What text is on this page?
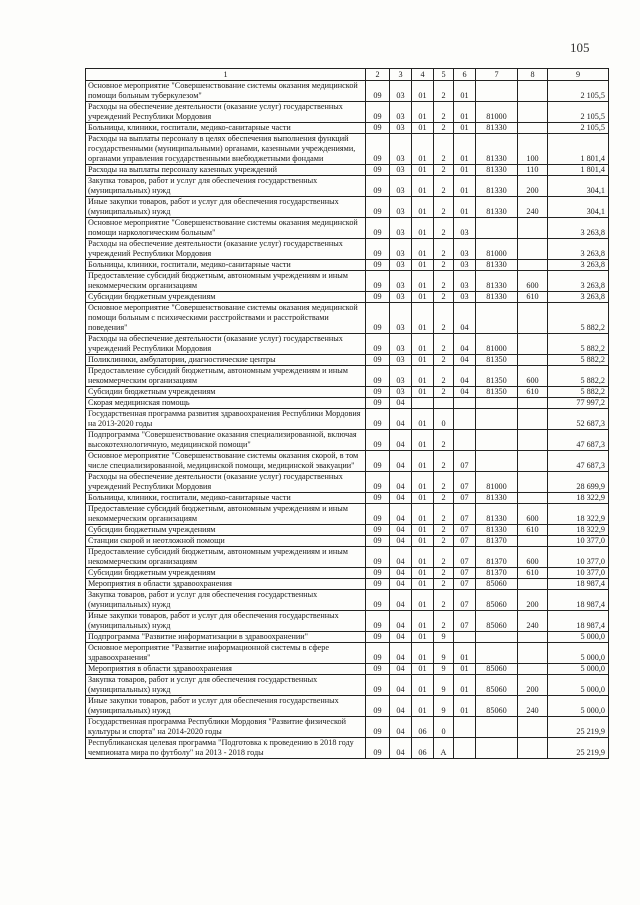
105
1	2	3	4	5	6	7	8	9
Основное мероприятие "Совершенствование системы оказания медицинской помощи больным туберкулезом"	09	03	01	2	01			2 105,5
Расходы на обеспечение деятельности (оказание услуг) государственных учреждений Республики Мордовия	09	03	01	2	01	81000		2 105,5
Больницы, клиники, госпитали, медико-санитарные части	09	03	01	2	01	81330		2 105,5
Расходы на выплаты персоналу в целях обеспечения выполнения функций государственными (муниципальными) органами, казенными учреждениями, органами управления государственными внебюджетными фондами	09	03	01	2	01	81330	100	1 801,4
Расходы на выплаты персоналу казенных учреждений	09	03	01	2	01	81330	110	1 801,4
Закупка товаров, работ и услуг для обеспечения государственных (муниципальных) нужд	09	03	01	2	01	81330	200	304,1
Иные закупки товаров, работ и услуг для обеспечения государственных (муниципальных) нужд	09	03	01	2	01	81330	240	304,1
Основное мероприятие "Совершенствование системы оказания медицинской помощи наркологическим больным"	09	03	01	2	03			3 263,8
Расходы на обеспечение деятельности (оказание услуг) государственных учреждений Республики Мордовия	09	03	01	2	03	81000		3 263,8
Больницы, клиники, госпитали, медико-санитарные части	09	03	01	2	03	81330		3 263,8
Предоставление субсидий бюджетным, автономным учреждениям и иным некоммерческим организациям	09	03	01	2	03	81330	600	3 263,8
Субсидии бюджетным учреждениям	09	03	01	2	03	81330	610	3 263,8
Основное мероприятие "Совершенствование системы оказания медицинской помощи больным с психическими расстройствами и расстройствами поведения"	09	03	01	2	04			5 882,2
Расходы на обеспечение деятельности (оказание услуг) государственных учреждений Республики Мордовия	09	03	01	2	04	81000		5 882,2
Поликлиники, амбулатории, диагностические центры	09	03	01	2	04	81350		5 882,2
Предоставление субсидий бюджетным, автономным учреждениям и иным некоммерческим организациям	09	03	01	2	04	81350	600	5 882,2
Субсидии бюджетным учреждениям	09	03	01	2	04	81350	610	5 882,2
Скорая медицинская помощь	09	04						77 997,2
Государственная программа развития здравоохранения Республики Мордовия на 2013-2020 годы	09	04	01	0				52 687,3
Подпрограмма "Совершенствование оказания специализированной, включая высокотехнологичную, медицинской помощи"	09	04	01	2				47 687,3
Основное мероприятие "Совершенствование системы оказания скорой, в том числе специализированной, медицинской помощи, медицинской эвакуации"	09	04	01	2	07			47 687,3
Расходы на обеспечение деятельности (оказание услуг) государственных учреждений Республики Мордовия	09	04	01	2	07	81000		28 699,9
Больницы, клиники, госпитали, медико-санитарные части	09	04	01	2	07	81330		18 322,9
Предоставление субсидий бюджетным, автономным учреждениям и иным некоммерческим организациям	09	04	01	2	07	81330	600	18 322,9
Субсидии бюджетным учреждениям	09	04	01	2	07	81330	610	18 322,9
Станции скорой и неотложной помощи	09	04	01	2	07	81370		10 377,0
Предоставление субсидий бюджетным, автономным учреждениям и иным некоммерческим организациям	09	04	01	2	07	81370	600	10 377,0
Субсидии бюджетным учреждениям	09	04	01	2	07	81370	610	10 377,0
Мероприятия в области здравоохранения	09	04	01	2	07	85060		18 987,4
Закупка товаров, работ и услуг для обеспечения государственных (муниципальных) нужд	09	04	01	2	07	85060	200	18 987,4
Иные закупки товаров, работ и услуг для обеспечения государственных (муниципальных) нужд	09	04	01	2	07	85060	240	18 987,4
Подпрограмма "Развитие информатизации в здравоохранении"	09	04	01	9				5 000,0
Основное мероприятие "Развитие информационной системы в сфере здравоохранения"	09	04	01	9	01			5 000,0
Мероприятия в области здравоохранения	09	04	01	9	01	85060		5 000,0
Закупка товаров, работ и услуг для обеспечения государственных (муниципальных) нужд	09	04	01	9	01	85060	200	5 000,0
Иные закупки товаров, работ и услуг для обеспечения государственных (муниципальных) нужд	09	04	01	9	01	85060	240	5 000,0
Государственная программа Республики Мордовия "Развитие физической культуры и спорта" на 2014-2020 годы	09	04	06	0				25 219,9
Республиканская целевая программа "Подготовка к проведению в 2018 году чемпионата мира по футболу" на 2013 - 2018 годы	09	04	06	А				25 219,9
